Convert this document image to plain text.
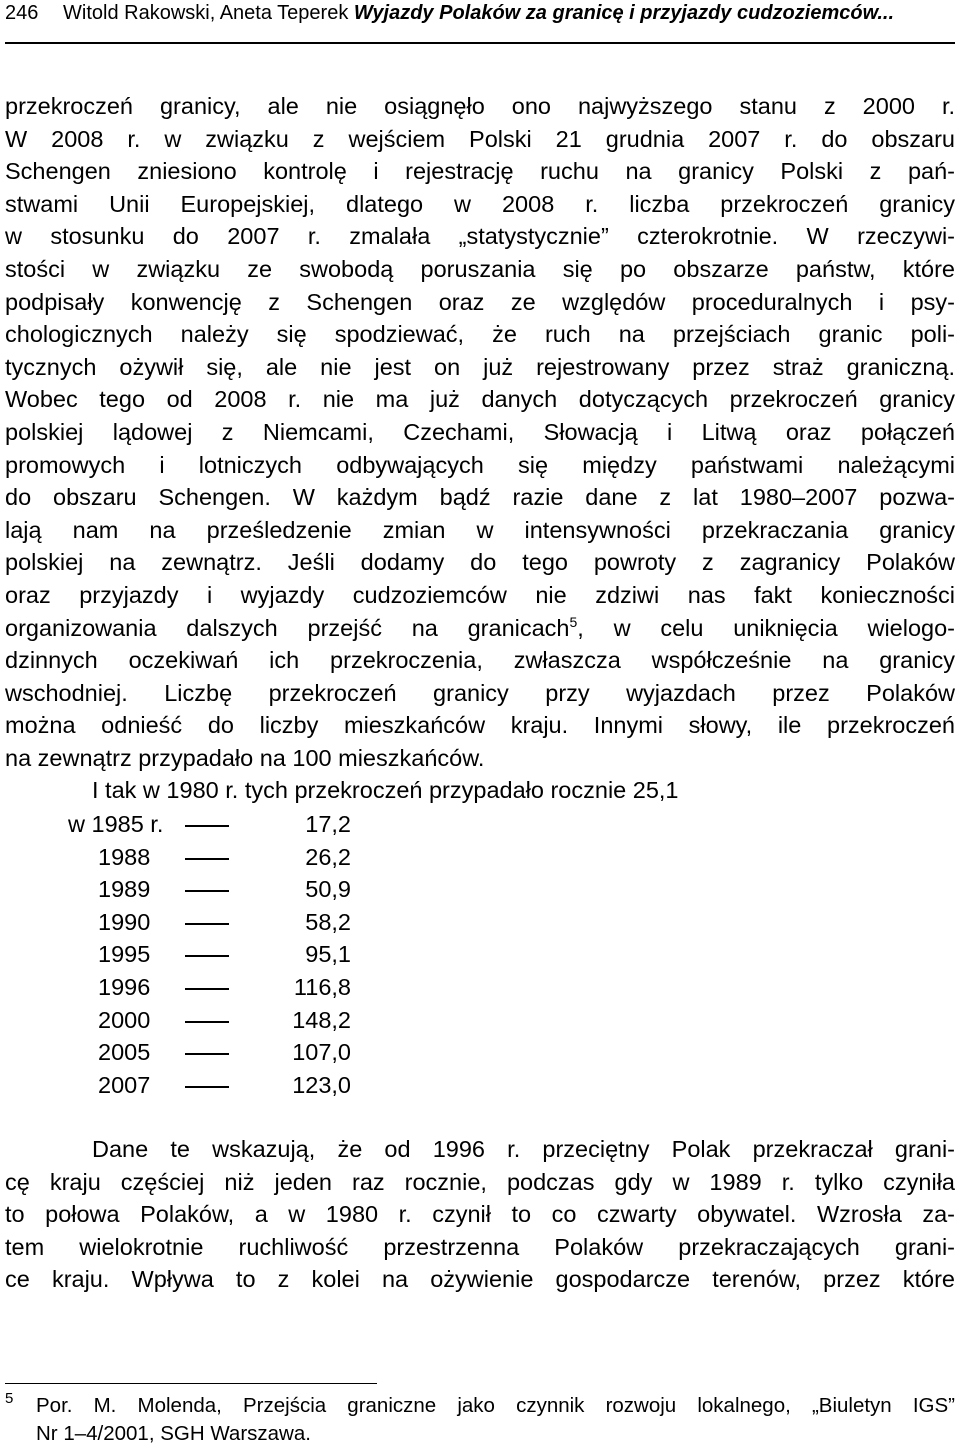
246 Witold Rakowski, Aneta Teperek Wyjazdy Polaków za granicę i przyjazdy cudzoziemców...
przekroczeń granicy, ale nie osiągnęło ono najwyższego stanu z 2000 r.
W 2008 r. w związku z wejściem Polski 21 grudnia 2007 r. do obszaru
Schengen zniesiono kontrolę i rejestrację ruchu na granicy Polski z pań-
stwami Unii Europejskiej, dlatego w 2008 r. liczba przekroczeń granicy
w stosunku do 2007 r. zmalała „statystycznie” czterokrotnie. W rzeczywi-
stości w związku ze swobodą poruszania się po obszarze państw, które
podpisały konwencję z Schengen oraz ze względów proceduralnych i psy-
chologicznych należy się spodziewać, że ruch na przejściach granic poli-
tycznych ożywił się, ale nie jest on już rejestrowany przez straż graniczną.
Wobec tego od 2008 r. nie ma już danych dotyczących przekroczeń granicy
polskiej lądowej z Niemcami, Czechami, Słowacją i Litwą oraz połączeń
promowych i lotniczych odbywających się między państwami należącymi
do obszaru Schengen. W każdym bądź razie dane z lat 1980–2007 pozwa-
lają nam na prześledzenie zmian w intensywności przekraczania granicy
polskiej na zewnątrz. Jeśli dodamy do tego powroty z zagranicy Polaków
oraz przyjazdy i wyjazdy cudzoziemców nie zdziwi nas fakt konieczności
organizowania dalszych przejść na granicach$^5$, w celu uniknięcia wielogo-
dzinnych oczekiwań ich przekroczenia, zwłaszcza współcześnie na granicy
wschodniej. Liczbę przekroczeń granicy przy wyjazdach przez Polaków
można odnieść do liczby mieszkańców kraju. Innymi słowy, ile przekroczeń
na zewnątrz przypadało na 100 mieszkańców.
I tak w 1980 r. tych przekroczeń przypadało rocznie 25,1
w 1985 r.	17,2
1988	26,2
1989	50,9
1990	58,2
1995	95,1
1996	116,8
2000	148,2
2005	107,0
2007	123,0
Dane te wskazują, że od 1996 r. przeciętny Polak przekraczał grani-
cę kraju częściej niż jeden raz rocznie, podczas gdy w 1989 r. tylko czyniła
to połowa Polaków, a w 1980 r. czynił to co czwarty obywatel. Wzrosła za-
tem wielokrotnie ruchliwość przestrzenna Polaków przekraczających grani-
ce kraju. Wpływa to z kolei na ożywienie gospodarcze terenów, przez które
5 Por. M. Molenda, Przejścia graniczne jako czynnik rozwoju lokalnego, „Biuletyn IGS”
Nr 1–4/2001, SGH Warszawa.
